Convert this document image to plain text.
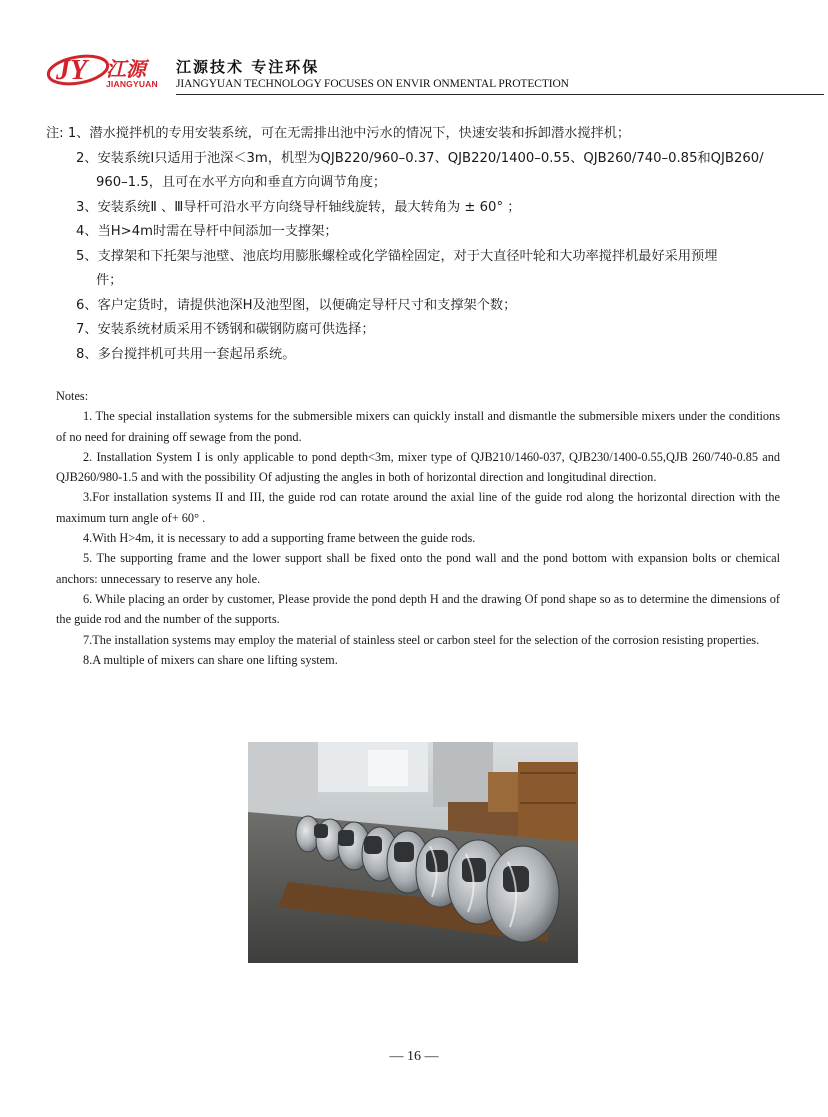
JY 江源
JIANGYUAN
江源技术 专注环保
JIANGYUAN TECHNOLOGY FOCUSES ON ENVIR ONMENTAL PROTECTION
注: 1、潜水搅拌机的专用安装系统，可在无需排出池中污水的情况下，快速安装和拆卸潜水搅拌机；
2、安装系统Ⅰ只适用于池深＜3m，机型为QJB220/960–0.37、QJB220/1400–0.55、QJB260/740–0.85和QJB260/
960–1.5，且可在水平方向和垂直方向调节角度；
3、安装系统Ⅱ 、Ⅲ导杆可沿水平方向绕导杆轴线旋转，最大转角为 ± 60° ；
4、当H>4m时需在导杆中间添加一支撑架；
5、支撑架和下托架与池壁、池底均用膨胀螺栓或化学锚栓固定，对于大直径叶轮和大功率搅拌机最好采用预埋
件；
6、客户定货时，请提供池深H及池型图，以便确定导杆尺寸和支撑架个数；
7、安装系统材质采用不锈钢和碳钢防腐可供选择；
8、多台搅拌机可共用一套起吊系统。

Notes:

1. The special installation systems for the submersible mixers can quickly install and dismantle the submersible mixers under the conditions of no need for draining off sewage from the pond.

2. Installation System I is only applicable to pond depth<3m, mixer type of QJB210/1460-037, QJB230/1400-0.55,QJB 260/740-0.85 and QJB260/980-1.5 and with the possibility Of adjusting the angles in both of horizontal direction and longitudinal direction.

3.For installation systems II and III, the guide rod can rotate around the axial line of the guide rod along the horizontal direction with the maximum turn angle of+ 60° .

4.With H>4m, it is necessary to add a supporting frame between the guide rods.

5. The supporting frame and the lower support shall be fixed onto the pond wall and the pond bottom with expansion bolts or chemical anchors: unnecessary to reserve any hole.

6. While placing an order by customer, Please provide the pond depth H and the drawing Of pond shape so as to determine the dimensions of the guide rod and the number of the supports.

7.The installation systems may employ the material of stainless steel or carbon steel for the selection of the corrosion resisting properties.

8.A multiple of mixers can share one lifting system.

— 16 —
